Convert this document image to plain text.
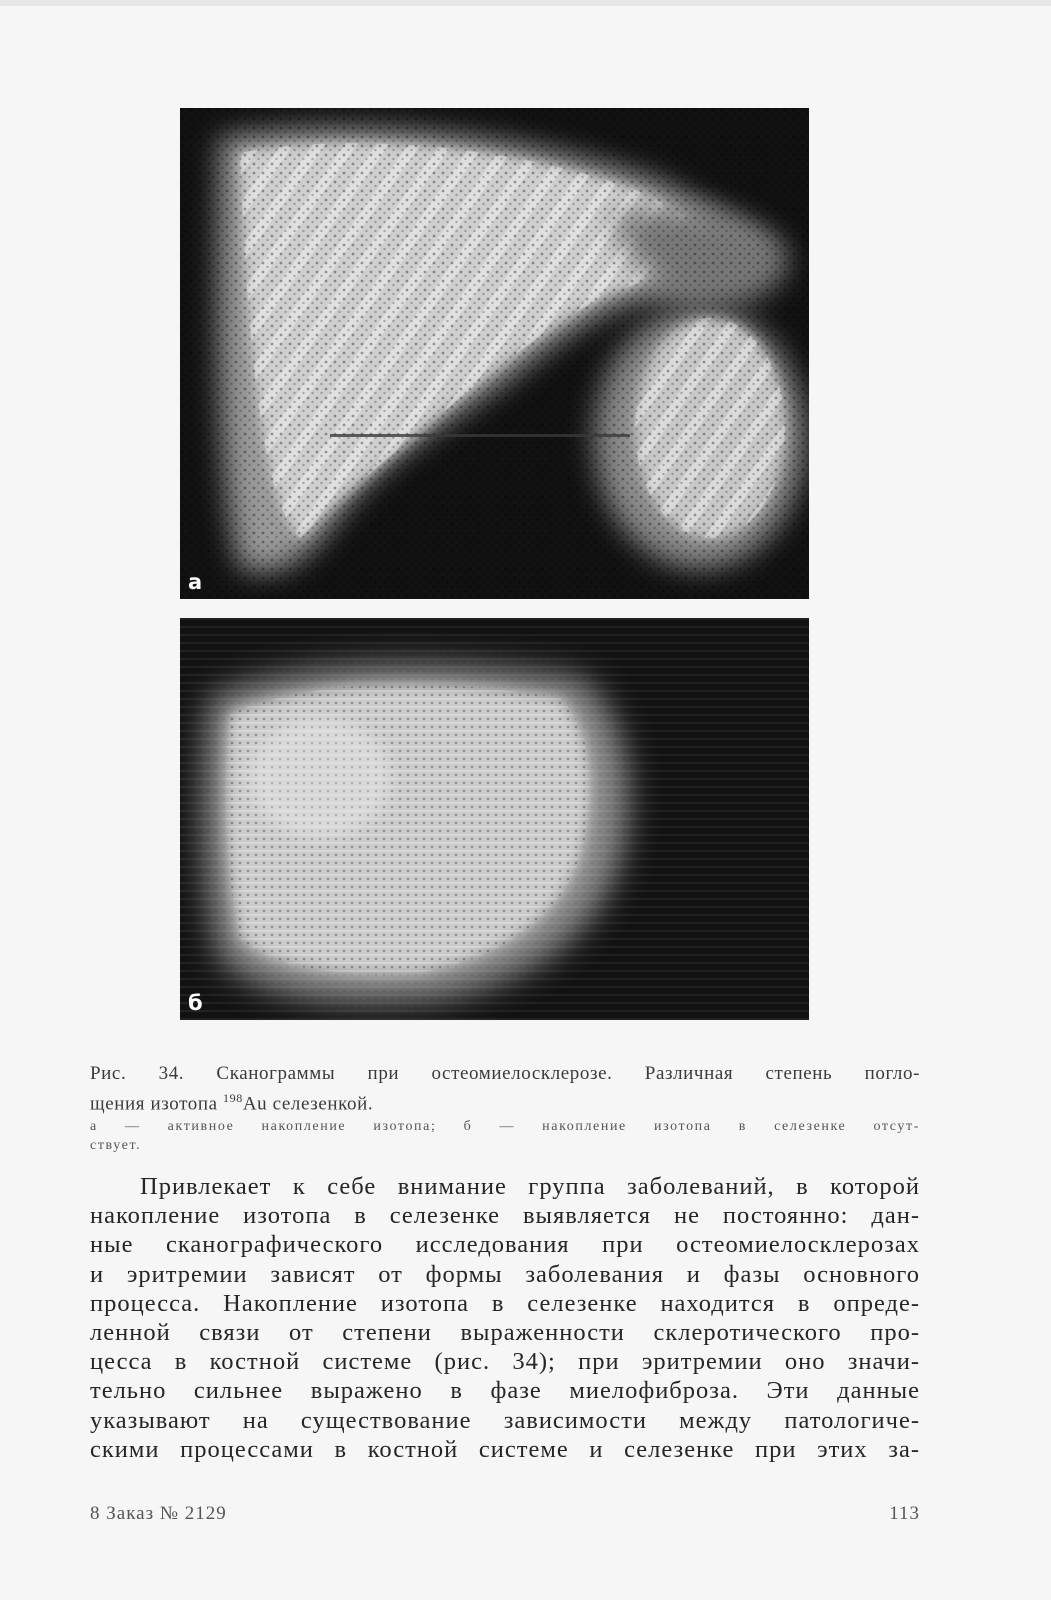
а
б
Рис. 34. Сканограммы при остеомиелосклерозе. Различная степень погло-
щения изотопа $^{198}$Au селезенкой.
а — активное накопление изотопа; б — накопление изотопа в селезенке отсут-
ствует.
Привлекает к себе внимание группа заболеваний, в которой
накопление изотопа в селезенке выявляется не постоянно: дан-
ные сканографического исследования при остеомиелосклерозах
и эритремии зависят от формы заболевания и фазы основного
процесса. Накопление изотопа в селезенке находится в опреде-
ленной связи от степени выраженности склеротического про-
цесса в костной системе (рис. 34); при эритремии оно значи-
тельно сильнее выражено в фазе миелофиброза. Эти данные
указывают на существование зависимости между патологиче-
скими процессами в костной системе и селезенке при этих за-
8 Заказ № 2129	113
